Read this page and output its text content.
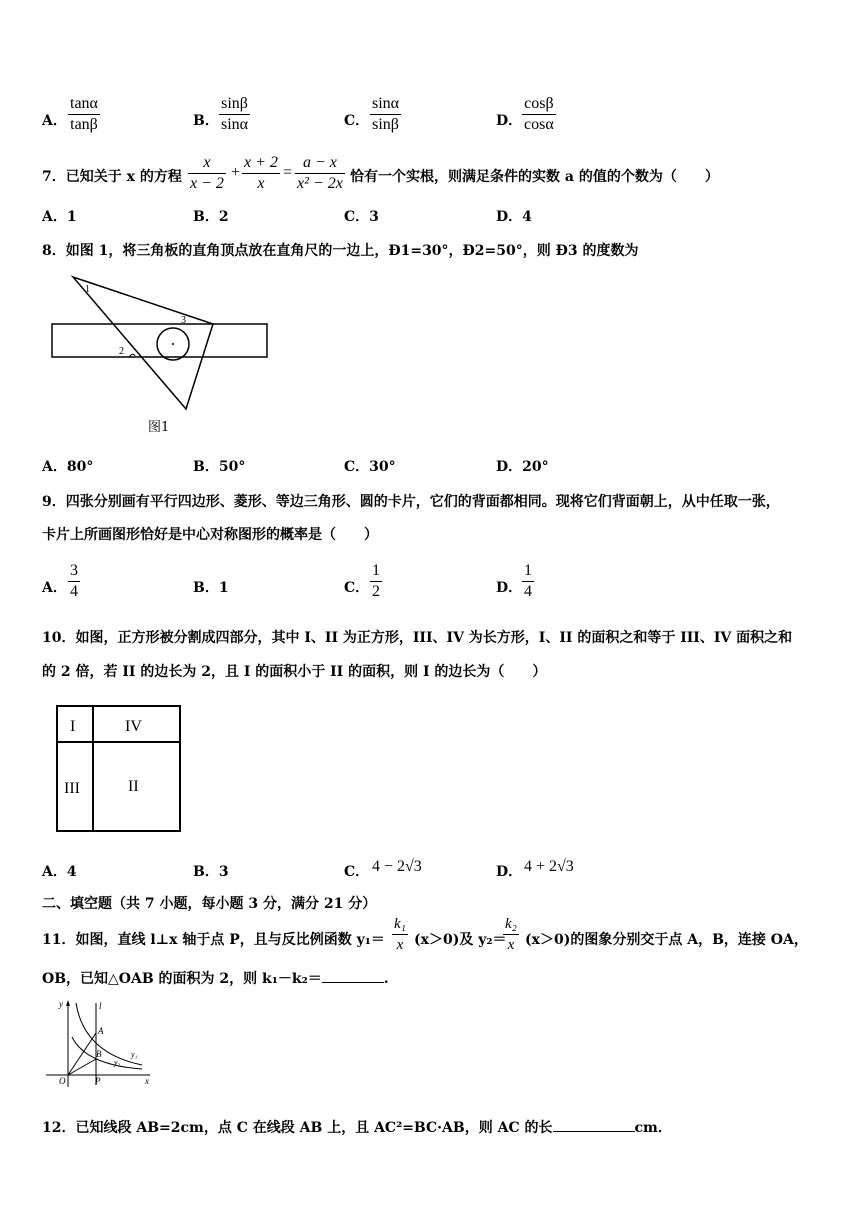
A． $\frac{\tan\alpha}{\tan\beta}$	B． $\frac{\sin\beta}{\sin\alpha}$	C． $\frac{\sin\alpha}{\sin\beta}$	D． $\frac{\cos\beta}{\cos\alpha}$
7．已知关于 x 的方程 $\frac{x}{x - 2} + \frac{x + 2}{x} = \frac{a - x}{\text{x² − 2x}}$ 恰有一个实根，则满足条件的实数 a 的值的个数为（　　）
A．1	B．2	C．3	D．4
8．如图 1，将三角板的直角顶点放在直角尺的一边上，Ð1=30°，Ð2=50°，则 Ð3 的度数为
1
2
3
图1
A．80°	B．50°	C．30°	D．20°
9．四张分别画有平行四边形、菱形、等边三角形、圆的卡片，它们的背面都相同。现将它们背面朝上，从中任取一张，
卡片上所画图形恰好是中心对称图形的概率是（　　）
A． $\frac{3}{4}$	B．1	C． $\frac{1}{2}$	D． $\frac{1}{4}$
10．如图，正方形被分割成四部分，其中 I、II 为正方形，III、IV 为长方形，I、II 的面积之和等于 III、IV 面积之和
的 2 倍，若 II 的边长为 2，且 I 的面积小于 II 的面积，则 I 的边长为（　　）
I	IV
III	II
A．4	B．3	C． 4 − 2√3	D． 4 + 2√3
二、填空题（共 7 小题，每小题 3 分，满分 21 分）
11．如图，直线 l⊥x 轴于点 P，且与反比例函数 $y_1= \frac{\text{k₁}}{x} (x>0)$及 y₂＝
$\frac{\text{k₂}}{x} (x>0)$的图象分别交于点 A，B，连接 OA，
OB，已知△OAB 的面积为 2，则 k₁－k₂＝	.
y	l
A
B	y₁
y₂
O	P	x
12．已知线段 AB=2cm，点 C 在线段 AB 上，且 AC²=BC·AB，则 AC 的长	cm．
